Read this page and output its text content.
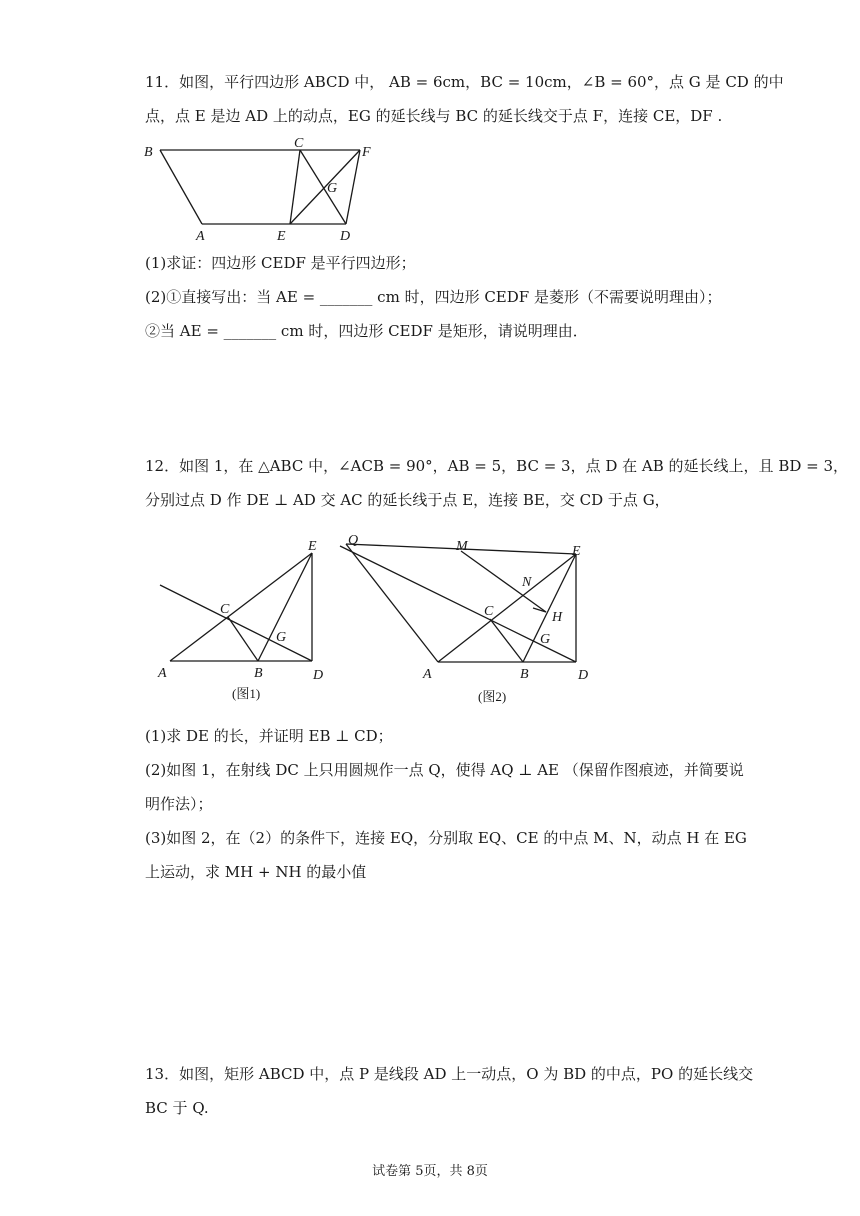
11．如图，平行四边形 ABCD 中， AB = 6cm，BC = 10cm，∠B = 60°，点 G 是 CD 的中
点，点 E 是边 AD 上的动点，EG 的延长线与 BC 的延长线交于点 F，连接 CE，DF .
B
C
F
G
A	E	D
(1)求证：四边形 CEDF 是平行四边形；
(2)①直接写出：当 AE = _______ cm 时，四边形 CEDF 是菱形（不需要说明理由）；
②当 AE = _______ cm 时，四边形 CEDF 是矩形，请说明理由．
12．如图 1，在 △ABC 中，∠ACB = 90°，AB = 5，BC = 3，点 D 在 AB 的延长线上，且 BD = 3，
分别过点 D 作 DE ⊥ AD 交 AC 的延长线于点 E，连接 BE，交 CD 于点 G，
E
C
G
A	B	D
(图1)
Q	M	E
N
C	H
G
A	B	D
(图2)
(1)求 DE 的长，并证明 EB ⊥ CD；
(2)如图 1，在射线 DC 上只用圆规作一点 Q，使得 AQ ⊥ AE （保留作图痕迹，并简要说
明作法）；
(3)如图 2，在（2）的条件下，连接 EQ，分别取 EQ、CE 的中点 M、N，动点 H 在 EG
上运动，求 MH + NH 的最小值
13．如图，矩形 ABCD 中，点 P 是线段 AD 上一动点，O 为 BD 的中点，PO 的延长线交
BC 于 Q.
试卷第 5页，共 8页
